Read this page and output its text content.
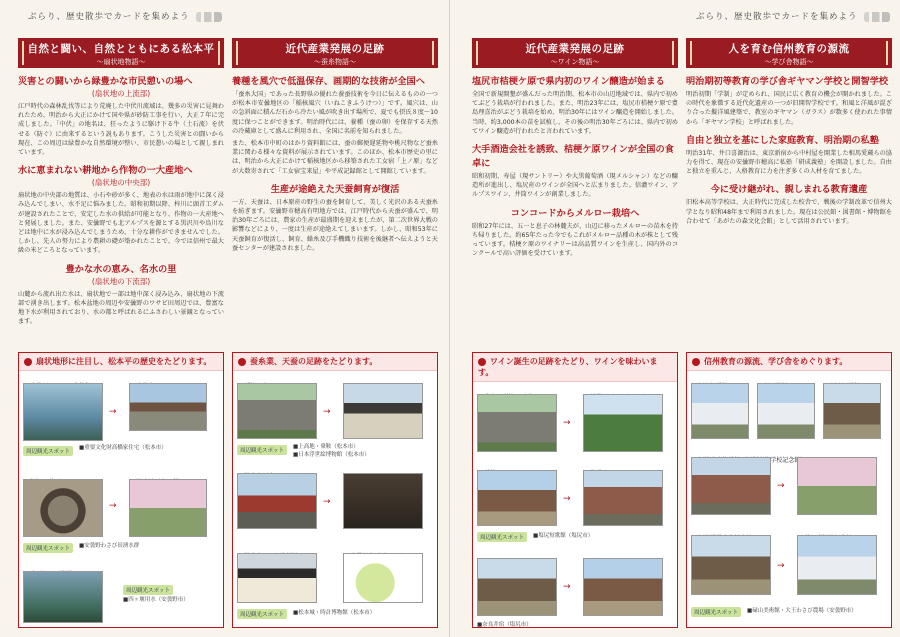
ぶらり、歴史散歩でカードを集めよう
自然と闘い、自然とともにある松本平
〜扇状地物語〜
災害との闘いから緑豊かな市民憩いの場へ
(扇状地の上流部)
江戸時代の森林乱伐等により荒廃した中伏川流域は、幾多の災害に見舞われたため、明治から大正にかけて国や県が砂防工事を行い、大正７年に完成しました。「中伏」の地名は、狂ったように駆け下る牛（土石流）を伏せる（防ぐ）に由来するという説もあります。こうした災害との闘いから現在、この周辺は緑豊かな自然環境が整い、市民憩いの場として親しまれています。
水に恵まれない耕地から作物の一大産地へ
(扇状地の中央部)
扇状地の中央部の地質は、小石や砂が多く、地表の水は雨が地中に深く浸み込んでしまい、水不足に悩みました。昭和初期以降、梓川に頭首工ダムが建設されたことで、安定した水の供給が可能となり、作物の一大産地へと発展しました。また、安曇野でも北アルプスを源とする黒沢川や烏川などは地中に水が浸み込んでしまうため、十分な耕作ができませんでした。しかし、先人の努力により農耕の礎が築かれたことで、今では信州で最大級の米どころとなっています。
豊かな水の恵み、名水の里
(扇状地の下流部)
山麓から流れ出た水は、扇状地で一部は地中深く浸み込み、扇状地の下流部で湧き出します。松本盆地の周辺や安曇野のワサビ田周辺では、豊富な地下水が利用されており、水の都と呼ばれるにふさわしい景観となっています。
扇状地形に注目し、松本平の歴史をたどります。
●
●
→
周辺観光スポット
■重要文化財高橋家住宅（松本市）
●
●
→
周辺観光スポット	■安曇野わさび田湧水群
●
周辺観光スポット
■四ヶ堰用水（安曇野市）
近代産業発展の足跡
〜蚕糸物語〜
養種を風穴で低温保存、画期的な技術が全国へ
「蚕糸大国」であった長野県の優れた養蚕技術を今日に伝えるものの一つが松本市安曇地区の「稲核風穴（いねこきふうけつ）」です。風穴は、山の急斜面に積んだ石から冷たい風が吹き出す場所で、夏でも摂氏８度〜10度に保つことができます。明治時代には、養種（蚕の卵）を保存する天然の冷蔵庫として盛んに利用され、全国に名前を知られました。
また、松本市中町のはかり資料館には、蚕の郵便遅延物や桃尺物など蚕糸業に関わる様々な資料が展示されています。このほか、松本市歴史の里には、明治から大正にかけて稲核地区から移築された工女宿「上ノ原」などが大数寄されて「工女宿宝来屋」や平成記録館として開館しています。
生産が途絶えた天蚕飼育が復活
一方、天蚕は、日本原産の野生の蚕を飼育して、美しく光沢のある天蚕糸を紡ぎます。安曇野市穂高有明地方では、江戸時代から天蚕が盛んで、明治30年ごろには、農家の生産が最盛期を迎えましたが、第二次世界大戦の影響などにより、一度は生産が途絶えてしまいます。しかし、昭和53年に天蚕飼育が復活し、飼育、繰糸及び手機織り技術を後継者へ伝えようと天蚕センターが建設されました。
蚕糸業、天蚕の足跡をたどります。
●
→
周辺観光スポット
■上高地・乗鞍（松本市）
■日本浮世絵博物館（松本市）
●
→
●
●
周辺観光スポット	■松本城・時計博物館（松本市）
ぶらり、歴史散歩でカードを集めよう
近代産業発展の足跡
〜ワイン物語〜
塩尻市桔梗ケ原で県内初のワイン醸造が始まる
全国で新規開墾が盛んだった明治期、松本市の山辺地域では、県内で初めてぶどう栽培が行われました。また、明治23年には、塩尻市桔梗ケ原で豊島理喜治がぶどう栽培を始め、明治30年にはワイン醸造を開始しました。当時、約3,000本の苗を試植し、その後の明治30年ごろには、県内で初めてワイン醸造が行われたと言われています。
大手酒造会社を誘致、桔梗ケ原ワインが全国の食卓に
昭和初期、寿屋（現サントリー）や大黒葡萄酒（現メルシャン）などの醸造所が進出し、塩尻産のワインが全国へと広まりました。信濃ワイン、アルプスワイン、井筒ワインが創業しました。
コンコードからメルロー栽培へ
昭和27年には、五一と息子の林麓夫が、山辺に移ったメルローの苗木を持ち帰りました。約65年たった今でもこれがメルロー品種の木が株として残っています。桔梗ケ原のワイナリーは高品質ワインを生産し、国内外のコンクールで高い評価を受けています。
ワイン誕生の足跡をたどり、ワインを味わいます。
●
●
→
●
●
→
周辺観光スポット	■塩尻短歌館（塩尻市）
●
●
→
■奈良井宿（塩尻市）
人を育む信州教育の源流
〜学び舎物語〜
明治期初等教育の学び舎ギヤマン学校と開智学校
明治初期「学制」が定められ、国民に広く教育の機会が開かれました。この時代を象徴する近代化遺産の一つが旧開智学校です。和風と洋風が混ざり合った擬洋風建築で、教室のギヤマン（ガラス）が数多く使われた事情から「ギヤマン学校」と呼ばれました。
自由と独立を基にした家庭教育、明治期の私塾
明治31年、井口喜源治は、東京新宿から中村屋を開業した相馬愛蔵らの協力を得て、現在の安曇野市穂高に私塾「研成義塾」を開設しました。自由と独立を重んじ、人格教育に力を注ぎ多くの人材を育てました。
今に受け継がれ、親しまれる教育遺産
旧松本高等学校は、大正時代に完成した校舎で、戦後の学制改革で信州大学となり昭和48年まで利用されました。現在は公民館・図書館・博物館を合わせて「あがたの森文化会館」として活用されています。
信州教育の源流、学び舎をめぐります。
●
●
●
●
→
●
●
→
周辺観光スポット	■碌山美術館・大王わさび農場（安曇野市）
